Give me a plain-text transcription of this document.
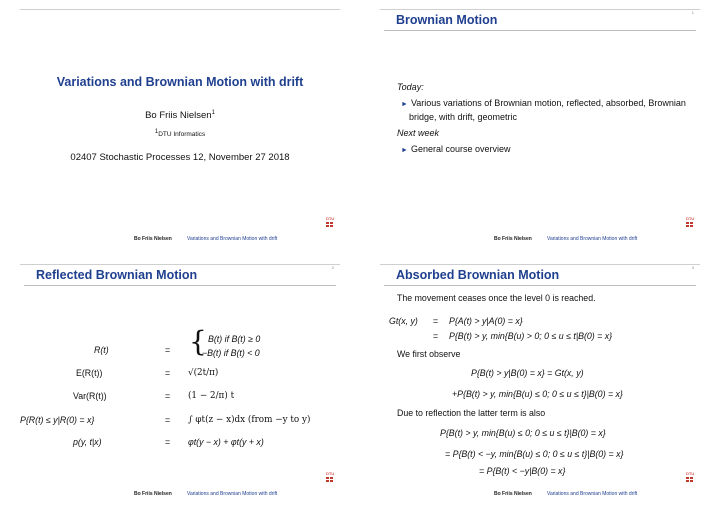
Variations and Brownian Motion with drift
Bo Friis Nielsen$^1$
$^1$DTU Informatics
02407 Stochastic Processes 12, November 27 2018
DTU
Bo Friis Nielsen	Variations and Brownian Motion with drift
Brownian Motion
1
Today:
► Various variations of Brownian motion, reflected, absorbed, Brownian bridge, with drift, geometric
Next week
► General course overview
DTU
Bo Friis Nielsen	Variations and Brownian Motion with drift
Reflected Brownian Motion
2
R(t)	= { B(t) if B(t) ≥ 0
−B(t) if B(t) < 0
E(R(t))	= √(2t/π)
Var(R(t))	= (1 − 2/π) t
P{R(t) ≤ y|R(0) = x}	= ∫ φt(z − x)dx (from −y to y)
p(y, t|x)	= φt(y − x) + φt(y + x)
DTU
Bo Friis Nielsen	Variations and Brownian Motion with drift
Absorbed Brownian Motion
3
The movement ceases once the level 0 is reached.
Gt(x, y) = P{A(t) > y|A(0) = x}
= P{B(t) > y, min{B(u) > 0; 0 ≤ u ≤ t|B(0) = x}
We first observe
P{B(t) > y|B(0) = x} = Gt(x, y)
+P{B(t) > y, min{B(u) ≤ 0; 0 ≤ u ≤ t}|B(0) = x}
Due to reflection the latter term is also
P{B(t) > y, min{B(u) ≤ 0; 0 ≤ u ≤ t}|B(0) = x}
= P{B(t) < −y, min{B(u) ≤ 0; 0 ≤ u ≤ t}|B(0) = x}
= P{B(t) < −y|B(0) = x}	DTU
Bo Friis Nielsen	Variations and Brownian Motion with drift
